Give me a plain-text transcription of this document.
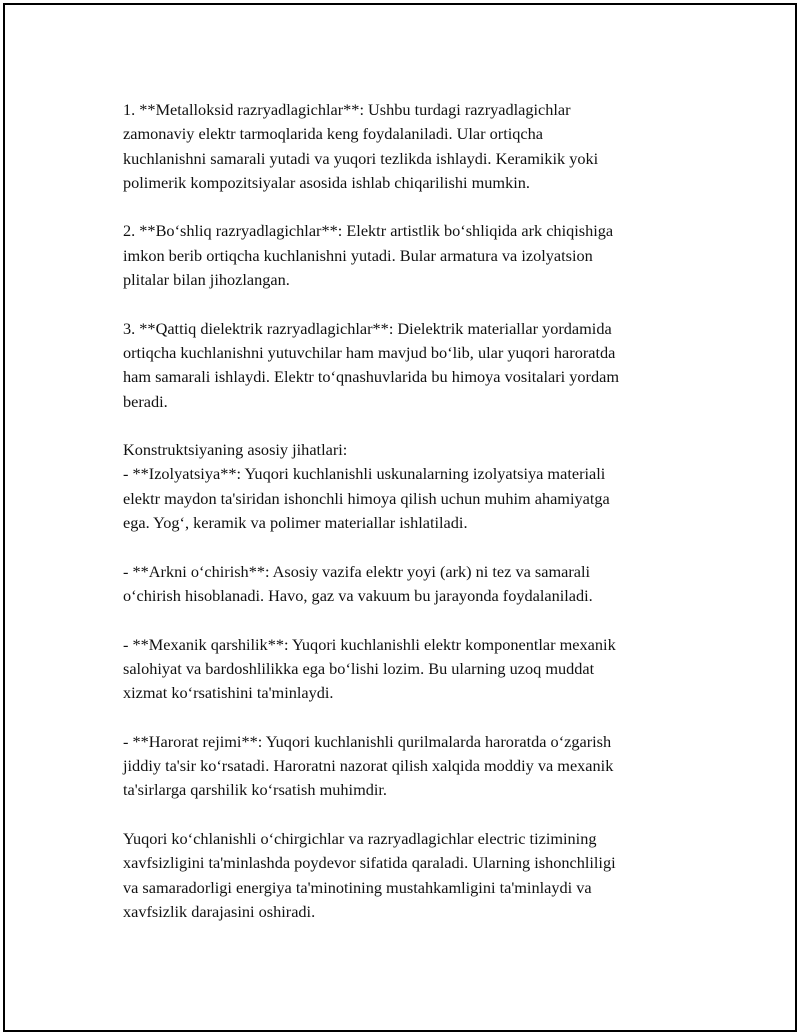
1. **Metalloksid razryadlagichlar**: Ushbu turdagi razryadlagichlar
zamonaviy elektr tarmoqlarida keng foydalaniladi. Ular ortiqcha
kuchlanishni samarali yutadi va yuqori tezlikda ishlaydi. Keramikik yoki
polimerik kompozitsiyalar asosida ishlab chiqarilishi mumkin.
2. **Bo‘shliq razryadlagichlar**: Elektr artistlik bo‘shliqida ark chiqishiga
imkon berib ortiqcha kuchlanishni yutadi. Bular armatura va izolyatsion
plitalar bilan jihozlangan.
3. **Qattiq dielektrik razryadlagichlar**: Dielektrik materiallar yordamida
ortiqcha kuchlanishni yutuvchilar ham mavjud bo‘lib, ular yuqori haroratda
ham samarali ishlaydi. Elektr to‘qnashuvlarida bu himoya vositalari yordam
beradi.
Konstruktsiyaning asosiy jihatlari:
- **Izolyatsiya**: Yuqori kuchlanishli uskunalarning izolyatsiya materiali
elektr maydon ta'siridan ishonchli himoya qilish uchun muhim ahamiyatga
ega. Yog‘, keramik va polimer materiallar ishlatiladi.
- **Arkni o‘chirish**: Asosiy vazifa elektr yoyi (ark) ni tez va samarali
o‘chirish hisoblanadi. Havo, gaz va vakuum bu jarayonda foydalaniladi.
- **Mexanik qarshilik**: Yuqori kuchlanishli elektr komponentlar mexanik
salohiyat va bardoshlilikka ega bo‘lishi lozim. Bu ularning uzoq muddat
xizmat ko‘rsatishini ta'minlaydi.
- **Harorat rejimi**: Yuqori kuchlanishli qurilmalarda haroratda o‘zgarish
jiddiy ta'sir ko‘rsatadi. Haroratni nazorat qilish xalqida moddiy va mexanik
ta'sirlarga qarshilik ko‘rsatish muhimdir.
Yuqori ko‘chlanishli o‘chirgichlar va razryadlagichlar electric tizimining
xavfsizligini ta'minlashda poydevor sifatida qaraladi. Ularning ishonchliligi
va samaradorligi energiya ta'minotining mustahkamligini ta'minlaydi va
xavfsizlik darajasini oshiradi.
